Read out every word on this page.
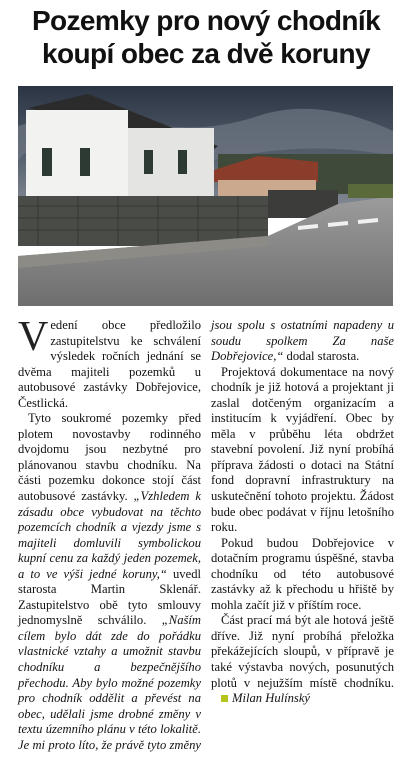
Pozemky pro nový chodník koupí obec za dvě koruny

Vedení obce předložilo zastupitelstvu ke schválení výsledek ročních jednání se dvěma majiteli pozemků u autobusové zastávky Dobřejovice, Čestlická.

Tyto soukromé pozemky před plotem novostavby rodinného dvojdomu jsou nezbytné pro plánovanou stavbu chodníku. Na části pozemku dokonce stojí část autobusové zastávky. „Vzhledem k zásadu obce vybudovat na těchto pozemcích chodník a vjezdy jsme s majiteli domluvili symbolickou kupní cenu za každý jeden pozemek, a to ve výši jedné koruny,“ uvedl starosta Martin Sklenář. Zastupitelstvo obě tyto smlouvy jednomyslně schválilo. „Naším cílem bylo dát zde do pořádku vlastnické vztahy a umožnit stavbu chodníku a bezpečnějšího přechodu. Aby bylo možné pozemky pro chodník oddělit a převést na obec, udělali jsme drobné změny v textu územního plánu v této lokalitě. Je mi proto líto, že právě tyto změny jsou spolu s ostatními napadeny u soudu spolkem Za naše Dobřejovice,“ dodal starosta.

Projektová dokumentace na nový chodník je již hotová a projektant ji zaslal dotčeným organizacím a institucím k vyjádření. Obec by měla v průběhu léta obdržet stavební povolení. Již nyní probíhá příprava žádosti o dotaci na Státní fond dopravní infrastruktury na uskutečnění tohoto projektu. Žádost bude obec podávat v říjnu letošního roku.

Pokud budou Dobřejovice v dotačním programu úspěšné, stavba chodníku od této autobusové zastávky až k přechodu u hřiště by mohla začít již v příštím roce.

Část prací má být ale hotová ještě dříve. Již nyní probíhá přeložka překážejících sloupů, v přípravě je také výstavba nových, posunutých plotů v nejužším místě chodníku.Milan Hulínský
